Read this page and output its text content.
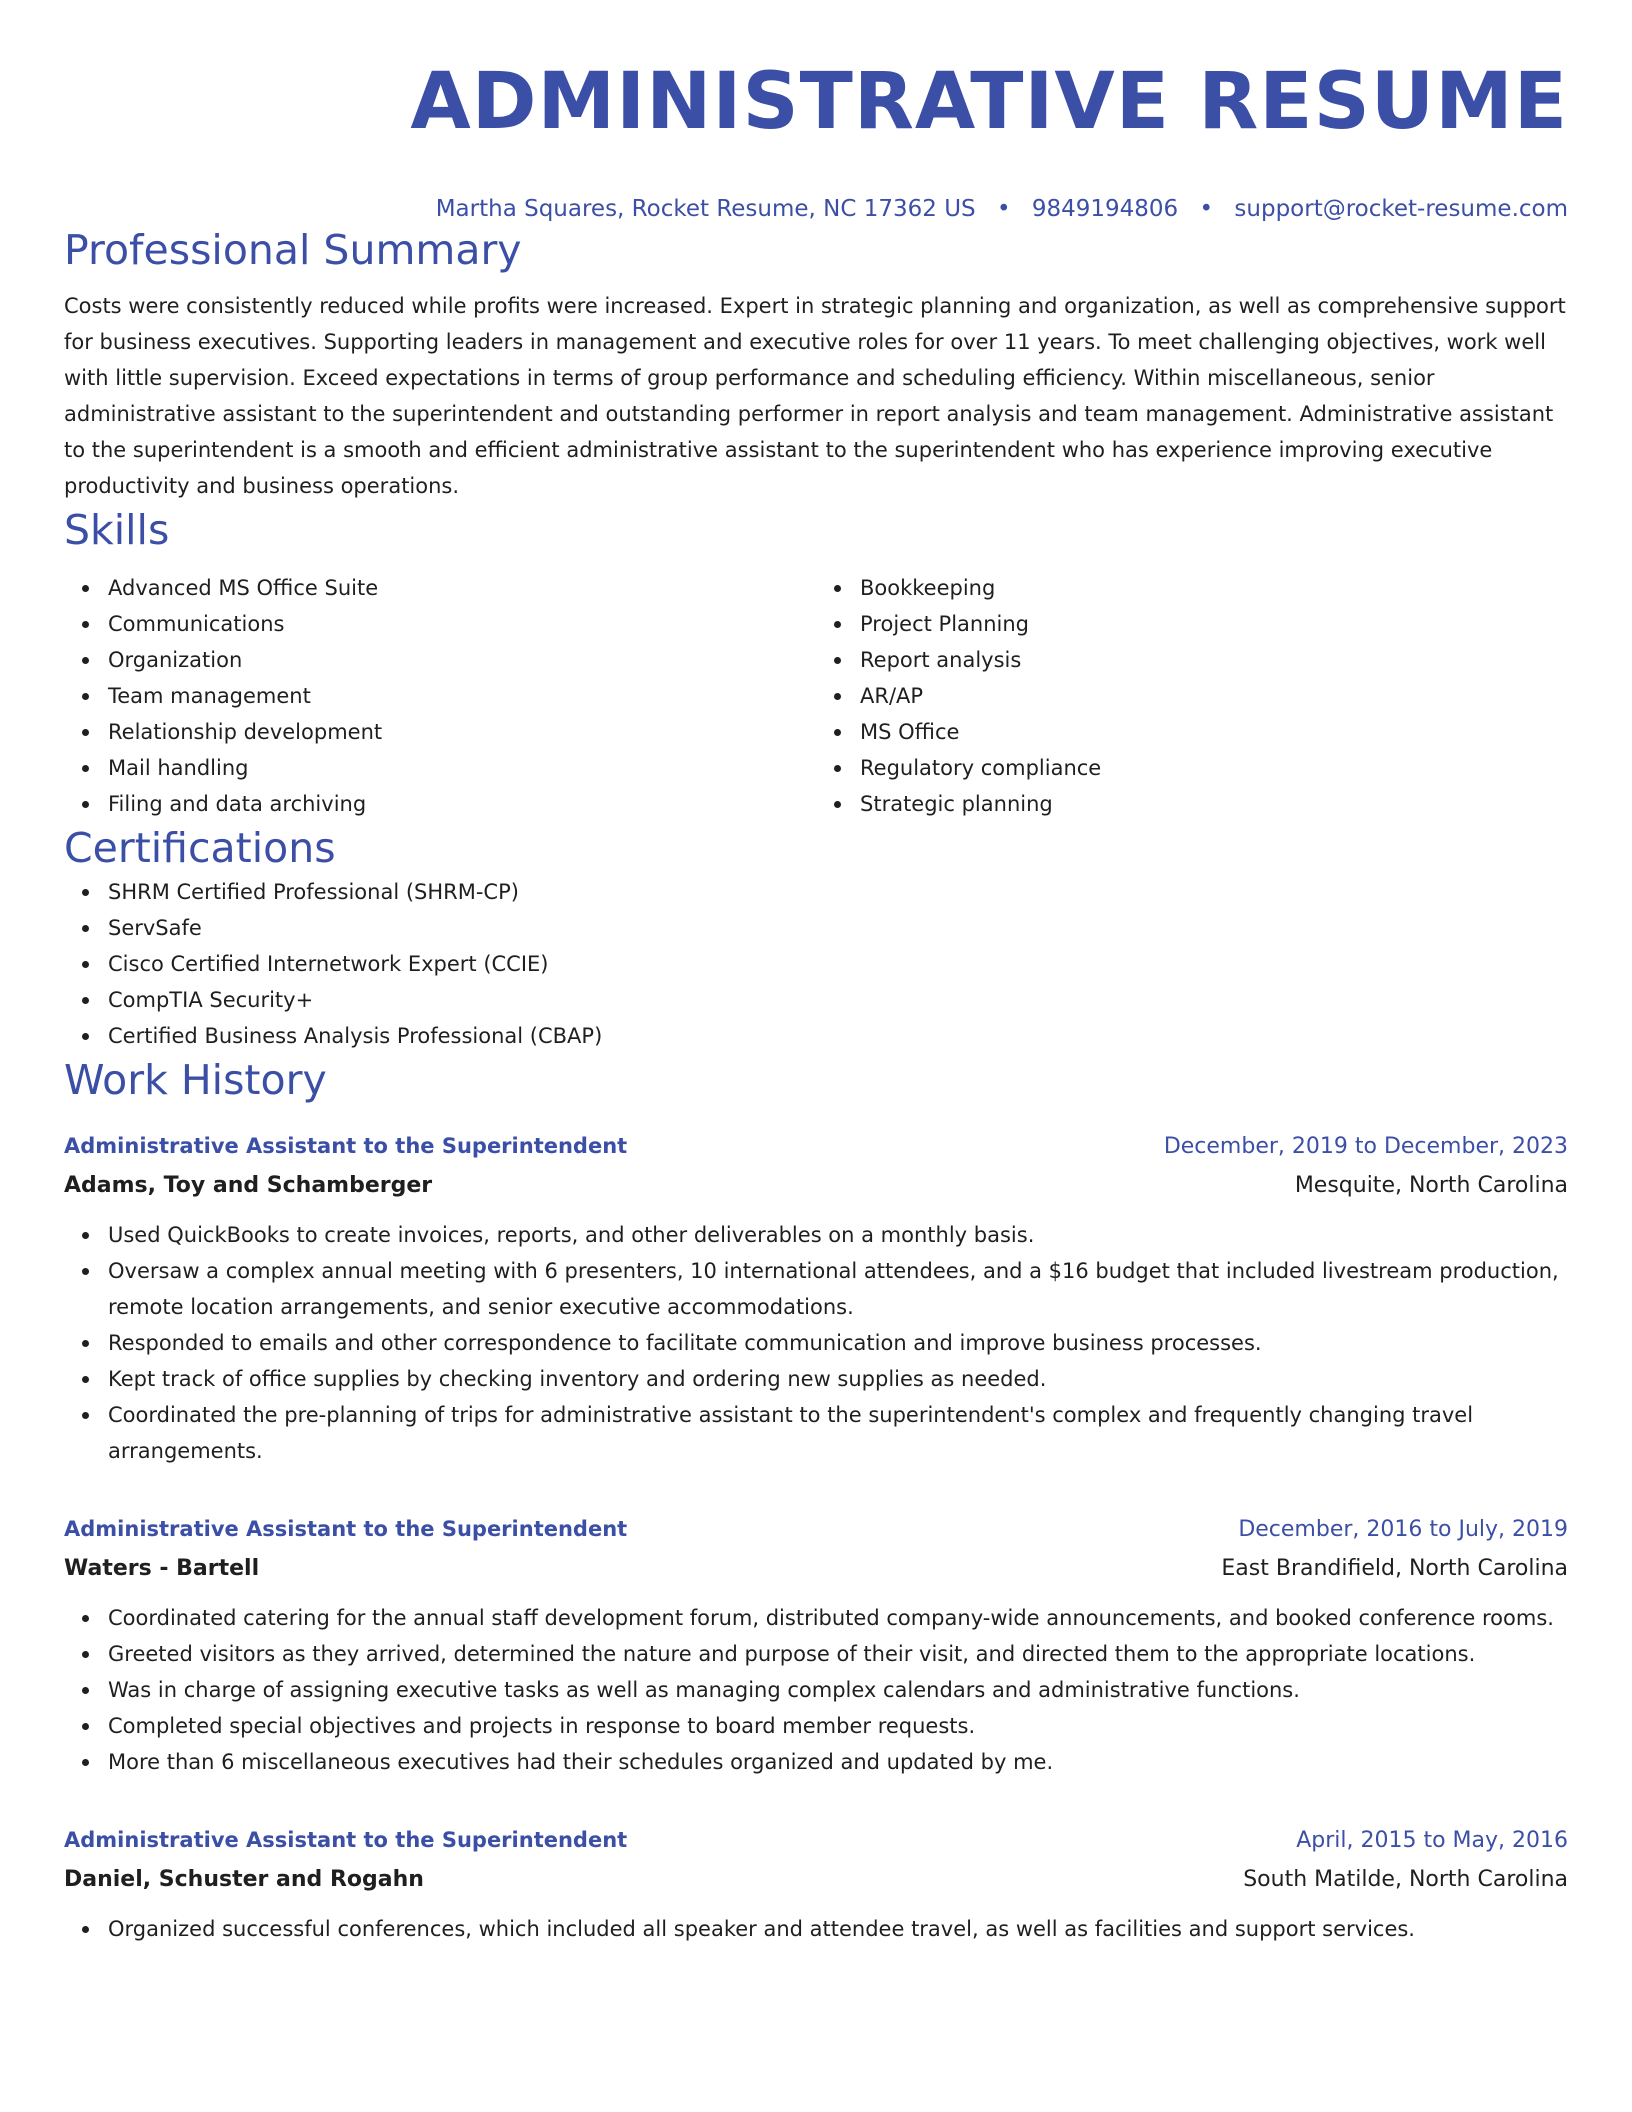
ADMINISTRATIVE RESUME
Martha Squares, Rocket Resume, NC 17362 US • 9849194806 • support@rocket-resume.com
Professional Summary

Costs were consistently reduced while profits were increased. Expert in strategic planning and organization, as well as comprehensive support for business executives. Supporting leaders in management and executive roles for over 11 years. To meet challenging objectives, work well with little supervision. Exceed expectations in terms of group performance and scheduling efficiency. Within miscellaneous, senior administrative assistant to the superintendent and outstanding performer in report analysis and team management. Administrative assistant to the superintendent is a smooth and efficient administrative assistant to the superintendent who has experience improving executive productivity and business operations.

Skills
Advanced MS Office Suite
Communications
Organization
Team management
Relationship development
Mail handling
Filing and data archiving
Bookkeeping
Project Planning
Report analysis
AR/AP
MS Office
Regulatory compliance
Strategic planning
Certifications
SHRM Certified Professional (SHRM-CP)
ServSafe
Cisco Certified Internetwork Expert (CCIE)
CompTIA Security+
Certified Business Analysis Professional (CBAP)
Work History
Administrative Assistant to the Superintendent	December, 2019 to December, 2023
Adams, Toy and Schamberger	Mesquite, North Carolina
Used QuickBooks to create invoices, reports, and other deliverables on a monthly basis.
Oversaw a complex annual meeting with 6 presenters, 10 international attendees, and a $16 budget that included livestream production, remote location arrangements, and senior executive accommodations.
Responded to emails and other correspondence to facilitate communication and improve business processes.
Kept track of office supplies by checking inventory and ordering new supplies as needed.
Coordinated the pre-planning of trips for administrative assistant to the superintendent's complex and frequently changing travel arrangements.
Administrative Assistant to the Superintendent	December, 2016 to July, 2019
Waters - Bartell	East Brandifield, North Carolina
Coordinated catering for the annual staff development forum, distributed company-wide announcements, and booked conference rooms.
Greeted visitors as they arrived, determined the nature and purpose of their visit, and directed them to the appropriate locations.
Was in charge of assigning executive tasks as well as managing complex calendars and administrative functions.
Completed special objectives and projects in response to board member requests.
More than 6 miscellaneous executives had their schedules organized and updated by me.
Administrative Assistant to the Superintendent	April, 2015 to May, 2016
Daniel, Schuster and Rogahn	South Matilde, North Carolina
Organized successful conferences, which included all speaker and attendee travel, as well as facilities and support services.
